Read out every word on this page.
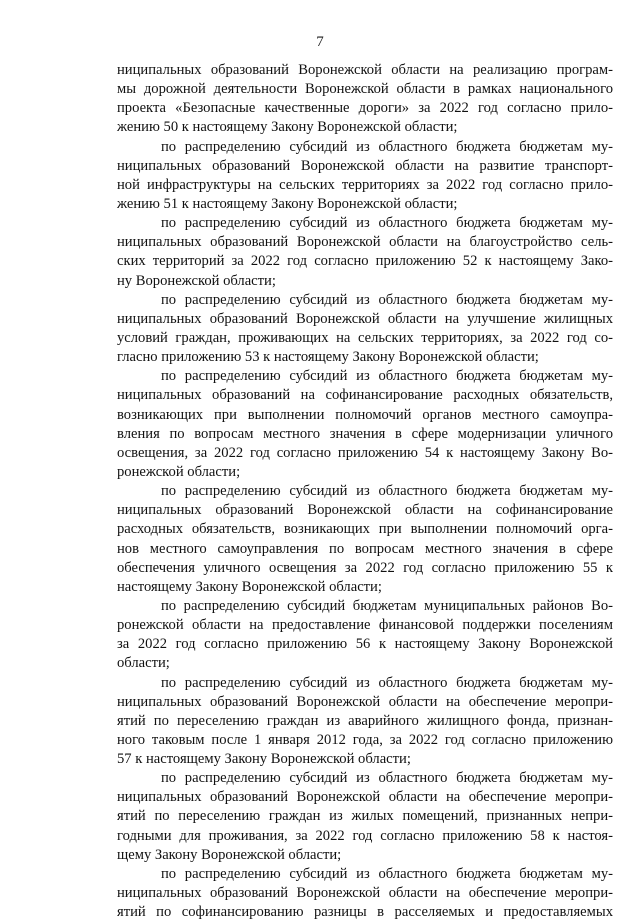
7
ниципальных образований Воронежской области на реализацию програм-
мы дорожной деятельности Воронежской области в рамках национального
проекта «Безопасные качественные дороги» за 2022 год согласно прило-
жению 50 к настоящему Закону Воронежской области;
по распределению субсидий из областного бюджета бюджетам му-
ниципальных образований Воронежской области на развитие транспорт-
ной инфраструктуры на сельских территориях за 2022 год согласно прило-
жению 51 к настоящему Закону Воронежской области;
по распределению субсидий из областного бюджета бюджетам му-
ниципальных образований Воронежской области на благоустройство сель-
ских территорий за 2022 год согласно приложению 52 к настоящему Зако-
ну Воронежской области;
по распределению субсидий из областного бюджета бюджетам му-
ниципальных образований Воронежской области на улучшение жилищных
условий граждан, проживающих на сельских территориях, за 2022 год со-
гласно приложению 53 к настоящему Закону Воронежской области;
по распределению субсидий из областного бюджета бюджетам му-
ниципальных образований на софинансирование расходных обязательств,
возникающих при выполнении полномочий органов местного самоупра-
вления по вопросам местного значения в сфере модернизации уличного
освещения, за 2022 год согласно приложению 54 к настоящему Закону Во-
ронежской области;
по распределению субсидий из областного бюджета бюджетам му-
ниципальных образований Воронежской области на софинансирование
расходных обязательств, возникающих при выполнении полномочий орга-
нов местного самоуправления по вопросам местного значения в сфере
обеспечения уличного освещения за 2022 год согласно приложению 55 к
настоящему Закону Воронежской области;
по распределению субсидий бюджетам муниципальных районов Во-
ронежской области на предоставление финансовой поддержки поселениям
за 2022 год согласно приложению 56 к настоящему Закону Воронежской
области;
по распределению субсидий из областного бюджета бюджетам му-
ниципальных образований Воронежской области на обеспечение меропри-
ятий по переселению граждан из аварийного жилищного фонда, признан-
ного таковым после 1 января 2012 года, за 2022 год согласно приложению
57 к настоящему Закону Воронежской области;
по распределению субсидий из областного бюджета бюджетам му-
ниципальных образований Воронежской области на обеспечение меропри-
ятий по переселению граждан из жилых помещений, признанных непри-
годными для проживания, за 2022 год согласно приложению 58 к настоя-
щему Закону Воронежской области;
по распределению субсидий из областного бюджета бюджетам му-
ниципальных образований Воронежской области на обеспечение меропри-
ятий по софинансированию разницы в расселяемых и предоставляемых
